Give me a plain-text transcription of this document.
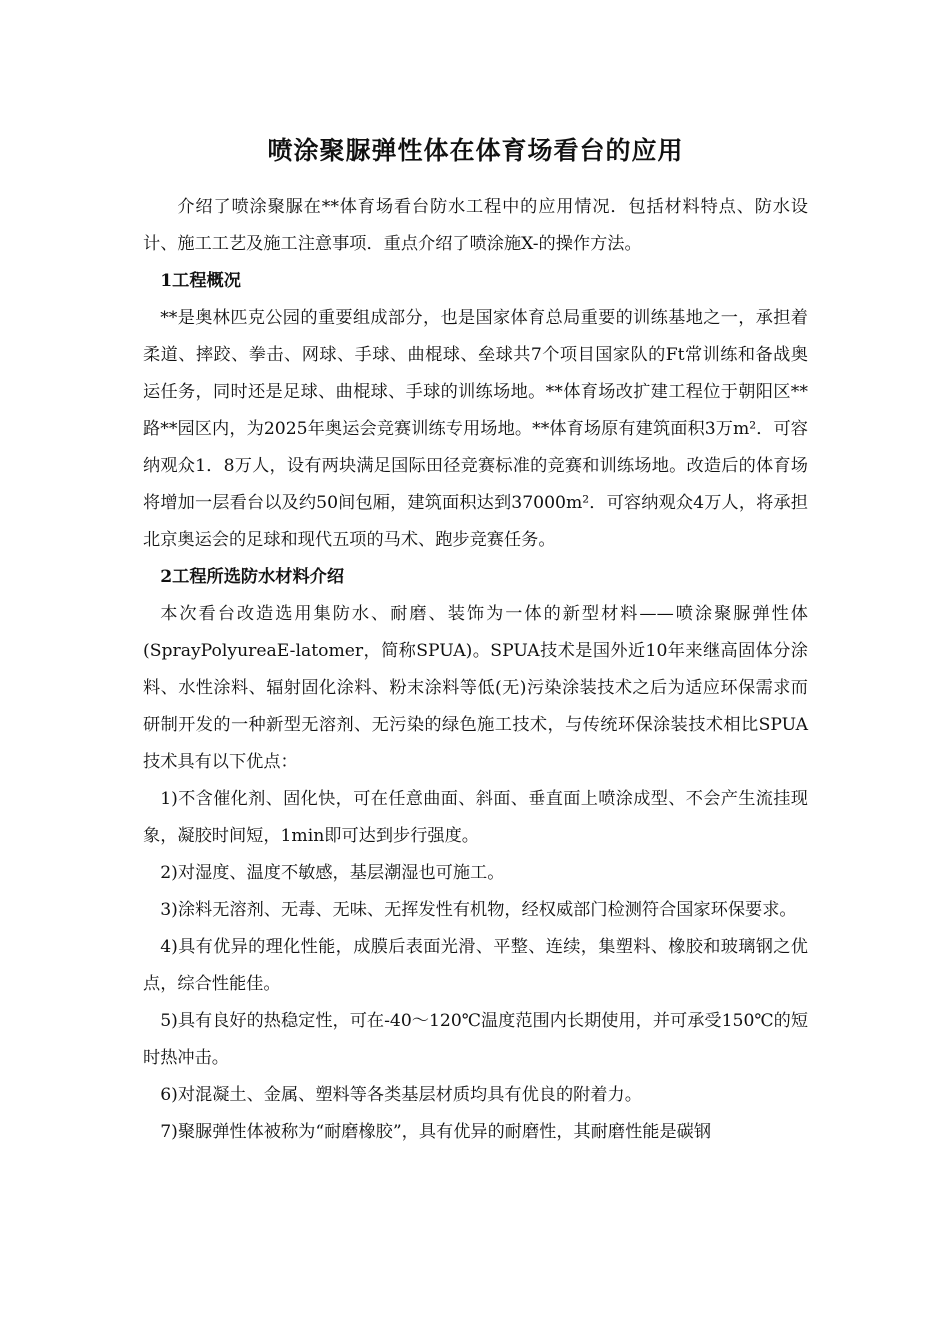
喷涂聚脲弹性体在体育场看台的应用

介绍了喷涂聚脲在**体育场看台防水工程中的应用情况．包括材料特点、防水设计、施工工艺及施工注意事项．重点介绍了喷涂施X-的操作方法。

1工程概况

**是奥林匹克公园的重要组成部分，也是国家体育总局重要的训练基地之一，承担着柔道、摔跤、拳击、网球、手球、曲棍球、垒球共7个项目国家队的Ft常训练和备战奥运任务，同时还是足球、曲棍球、手球的训练场地。**体育场改扩建工程位于朝阳区**路**园区内，为2025年奥运会竞赛训练专用场地。**体育场原有建筑面积3万m²．可容纳观众1．8万人，设有两块满足国际田径竞赛标准的竞赛和训练场地。改造后的体育场将增加一层看台以及约50间包厢，建筑面积达到37000m²．可容纳观众4万人，将承担北京奥运会的足球和现代五项的马术、跑步竞赛任务。

2工程所选防水材料介绍

本次看台改造选用集防水、耐磨、装饰为一体的新型材料——喷涂聚脲弹性体(SprayPolyureaE-latomer，简称SPUA)。SPUA技术是国外近10年来继高固体分涂料、水性涂料、辐射固化涂料、粉末涂料等低(无)污染涂装技术之后为适应环保需求而研制开发的一种新型无溶剂、无污染的绿色施工技术，与传统环保涂装技术相比SPUA技术具有以下优点：

1)不含催化剂、固化快，可在任意曲面、斜面、垂直面上喷涂成型、不会产生流挂现象，凝胶时间短，1min即可达到步行强度。

2)对湿度、温度不敏感，基层潮湿也可施工。

3)涂料无溶剂、无毒、无味、无挥发性有机物，经权威部门检测符合国家环保要求。

4)具有优异的理化性能，成膜后表面光滑、平整、连续，集塑料、橡胶和玻璃钢之优点，综合性能佳。

5)具有良好的热稳定性，可在-40～120℃温度范围内长期使用，并可承受150℃的短时热冲击。

6)对混凝土、金属、塑料等各类基层材质均具有优良的附着力。

7)聚脲弹性体被称为“耐磨橡胶”，具有优异的耐磨性，其耐磨性能是碳钢
